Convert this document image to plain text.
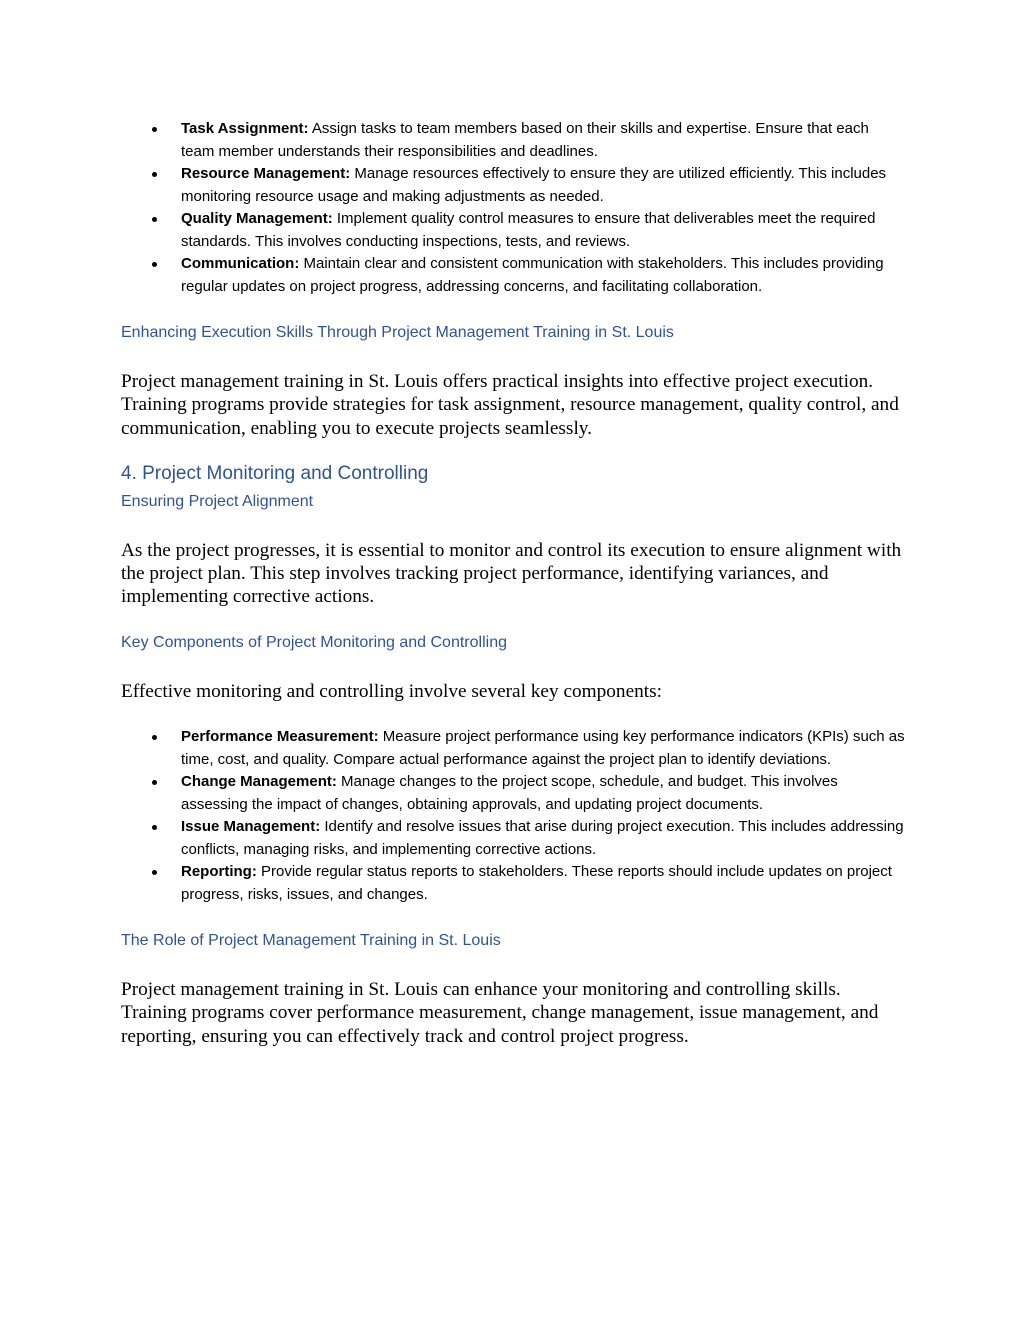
Task Assignment: Assign tasks to team members based on their skills and expertise. Ensure that each team member understands their responsibilities and deadlines.
Resource Management: Manage resources effectively to ensure they are utilized efficiently. This includes monitoring resource usage and making adjustments as needed.
Quality Management: Implement quality control measures to ensure that deliverables meet the required standards. This involves conducting inspections, tests, and reviews.
Communication: Maintain clear and consistent communication with stakeholders. This includes providing regular updates on project progress, addressing concerns, and facilitating collaboration.
Enhancing Execution Skills Through Project Management Training in St. Louis

Project management training in St. Louis offers practical insights into effective project execution. Training programs provide strategies for task assignment, resource management, quality control, and communication, enabling you to execute projects seamlessly.

4. Project Monitoring and Controlling
Ensuring Project Alignment

As the project progresses, it is essential to monitor and control its execution to ensure alignment with the project plan. This step involves tracking project performance, identifying variances, and implementing corrective actions.

Key Components of Project Monitoring and Controlling

Effective monitoring and controlling involve several key components:

Performance Measurement: Measure project performance using key performance indicators (KPIs) such as time, cost, and quality. Compare actual performance against the project plan to identify deviations.
Change Management: Manage changes to the project scope, schedule, and budget. This involves assessing the impact of changes, obtaining approvals, and updating project documents.
Issue Management: Identify and resolve issues that arise during project execution. This includes addressing conflicts, managing risks, and implementing corrective actions.
Reporting: Provide regular status reports to stakeholders. These reports should include updates on project progress, risks, issues, and changes.
The Role of Project Management Training in St. Louis

Project management training in St. Louis can enhance your monitoring and controlling skills. Training programs cover performance measurement, change management, issue management, and reporting, ensuring you can effectively track and control project progress.
